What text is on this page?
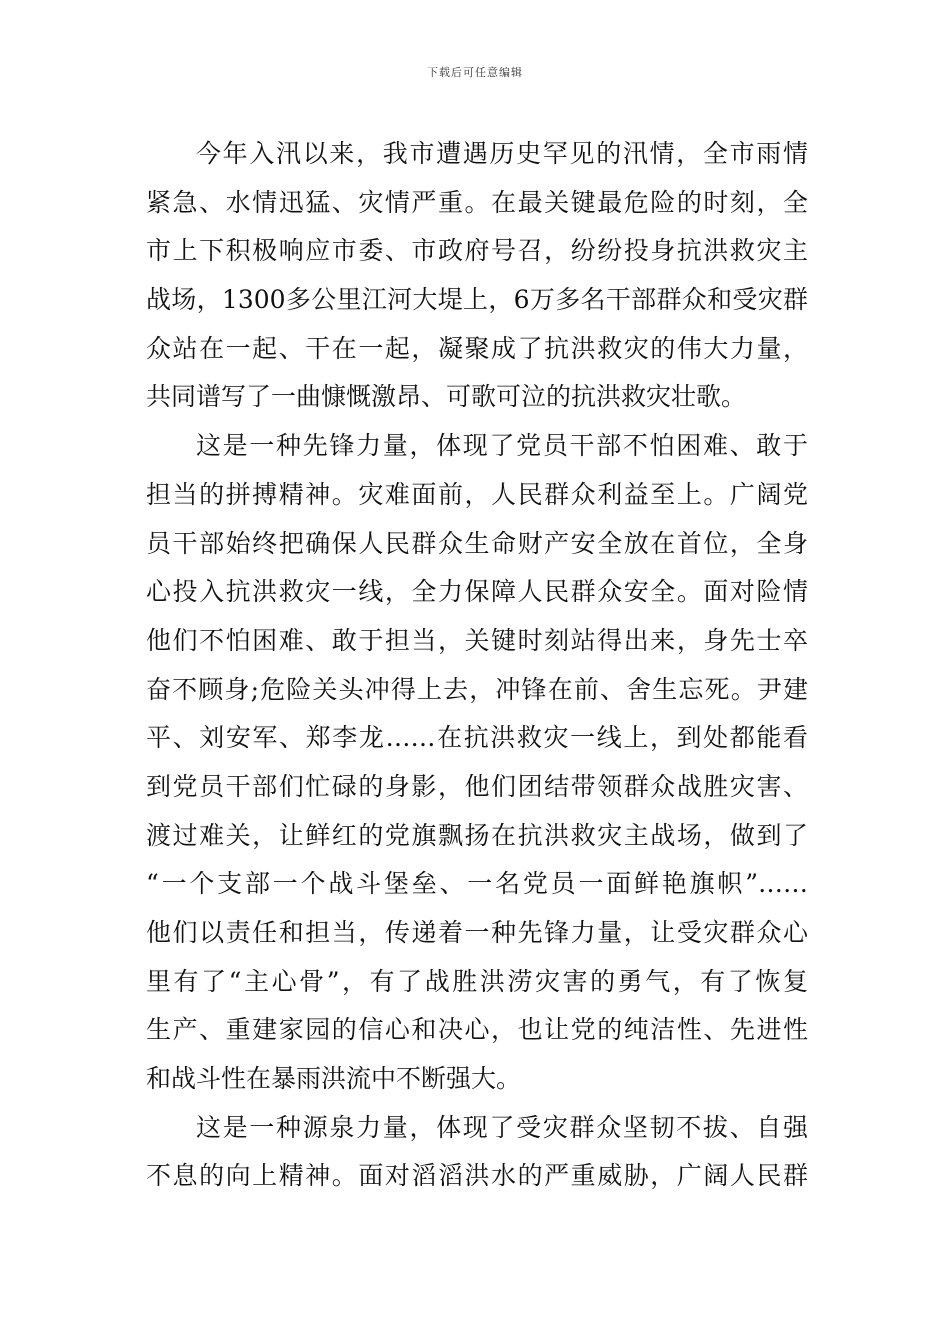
下载后可任意编辑
今年入汛以来，我市遭遇历史罕见的汛情，全市雨情
紧急、水情迅猛、灾情严重。在最关键最危险的时刻，全
市上下积极响应市委、市政府号召，纷纷投身抗洪救灾主
战场，1300多公里江河大堤上，6万多名干部群众和受灾群
众站在一起、干在一起，凝聚成了抗洪救灾的伟大力量，
共同谱写了一曲慷慨激昂、可歌可泣的抗洪救灾壮歌。
这是一种先锋力量，体现了党员干部不怕困难、敢于
担当的拼搏精神。灾难面前，人民群众利益至上。广阔党
员干部始终把确保人民群众生命财产安全放在首位，全身
心投入抗洪救灾一线，全力保障人民群众安全。面对险情
他们不怕困难、敢于担当，关键时刻站得出来，身先士卒
奋不顾身;危险关头冲得上去，冲锋在前、舍生忘死。尹建
平、刘安军、郑李龙……在抗洪救灾一线上，到处都能看
到党员干部们忙碌的身影，他们团结带领群众战胜灾害、
渡过难关，让鲜红的党旗飘扬在抗洪救灾主战场，做到了
“一个支部一个战斗堡垒、一名党员一面鲜艳旗帜”……
他们以责任和担当，传递着一种先锋力量，让受灾群众心
里有了“主心骨”，有了战胜洪涝灾害的勇气，有了恢复
生产、重建家园的信心和决心，也让党的纯洁性、先进性
和战斗性在暴雨洪流中不断强大。
这是一种源泉力量，体现了受灾群众坚韧不拔、自强
不息的向上精神。面对滔滔洪水的严重威胁，广阔人民群
